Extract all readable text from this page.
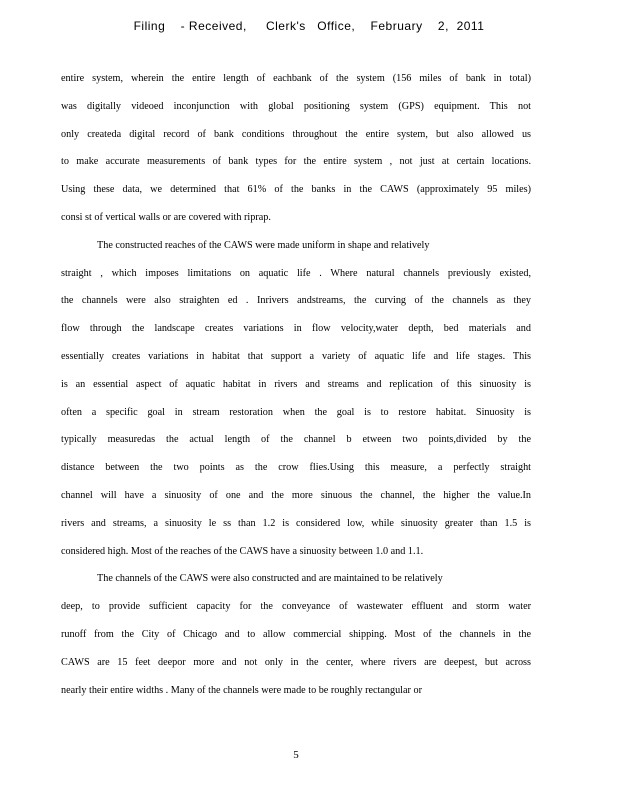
Filing    - Received,     Clerk's   Office,    February    2,  2011
entire system, wherein the entire length of eachbank of the system (156 miles of bank in total)
was digitally videoed inconjunction with global positioning system (GPS) equipment. This not
only createda digital record of bank conditions throughout the entire system, but also allowed us
to make accurate measurements of bank types for the entire system , not just at certain locations.
Using these data, we determined that 61% of the banks in the CAWS (approximately 95 miles)
consi st of vertical walls or are covered with riprap.
The constructed reaches of the CAWS were made uniform in shape and relatively
straight , which imposes limitations on aquatic life . Where natural channels previously existed,
the channels were also straighten ed . Inrivers andstreams, the curving of the channels as they
flow through the landscape creates variations in flow velocity,water depth, bed materials and
essentially creates variations in habitat that support a variety of aquatic life and life stages. This
is an essential aspect of aquatic habitat in rivers and streams and replication of this sinuosity is
often a specific goal in stream restoration when the goal is to restore habitat. Sinuosity is
typically measuredas the actual length of the channel b etween two points,divided by the
distance between the two points as the crow flies.Using this measure, a perfectly straight
channel will have a sinuosity of one and the more sinuous the channel, the higher the value.In
rivers and streams, a sinuosity le ss than 1.2 is considered low, while sinuosity greater than 1.5 is
considered high. Most of the reaches of the CAWS have a sinuosity between 1.0 and 1.1.
The channels of the CAWS were also constructed and are maintained to be relatively
deep, to provide sufficient capacity for the conveyance of wastewater effluent and storm water
runoff from the City of Chicago and to allow commercial shipping. Most of the channels in the
CAWS are 15 feet deepor more and not only in the center, where rivers are deepest, but across
nearly their entire widths . Many of the channels were made to be roughly rectangular or
5
